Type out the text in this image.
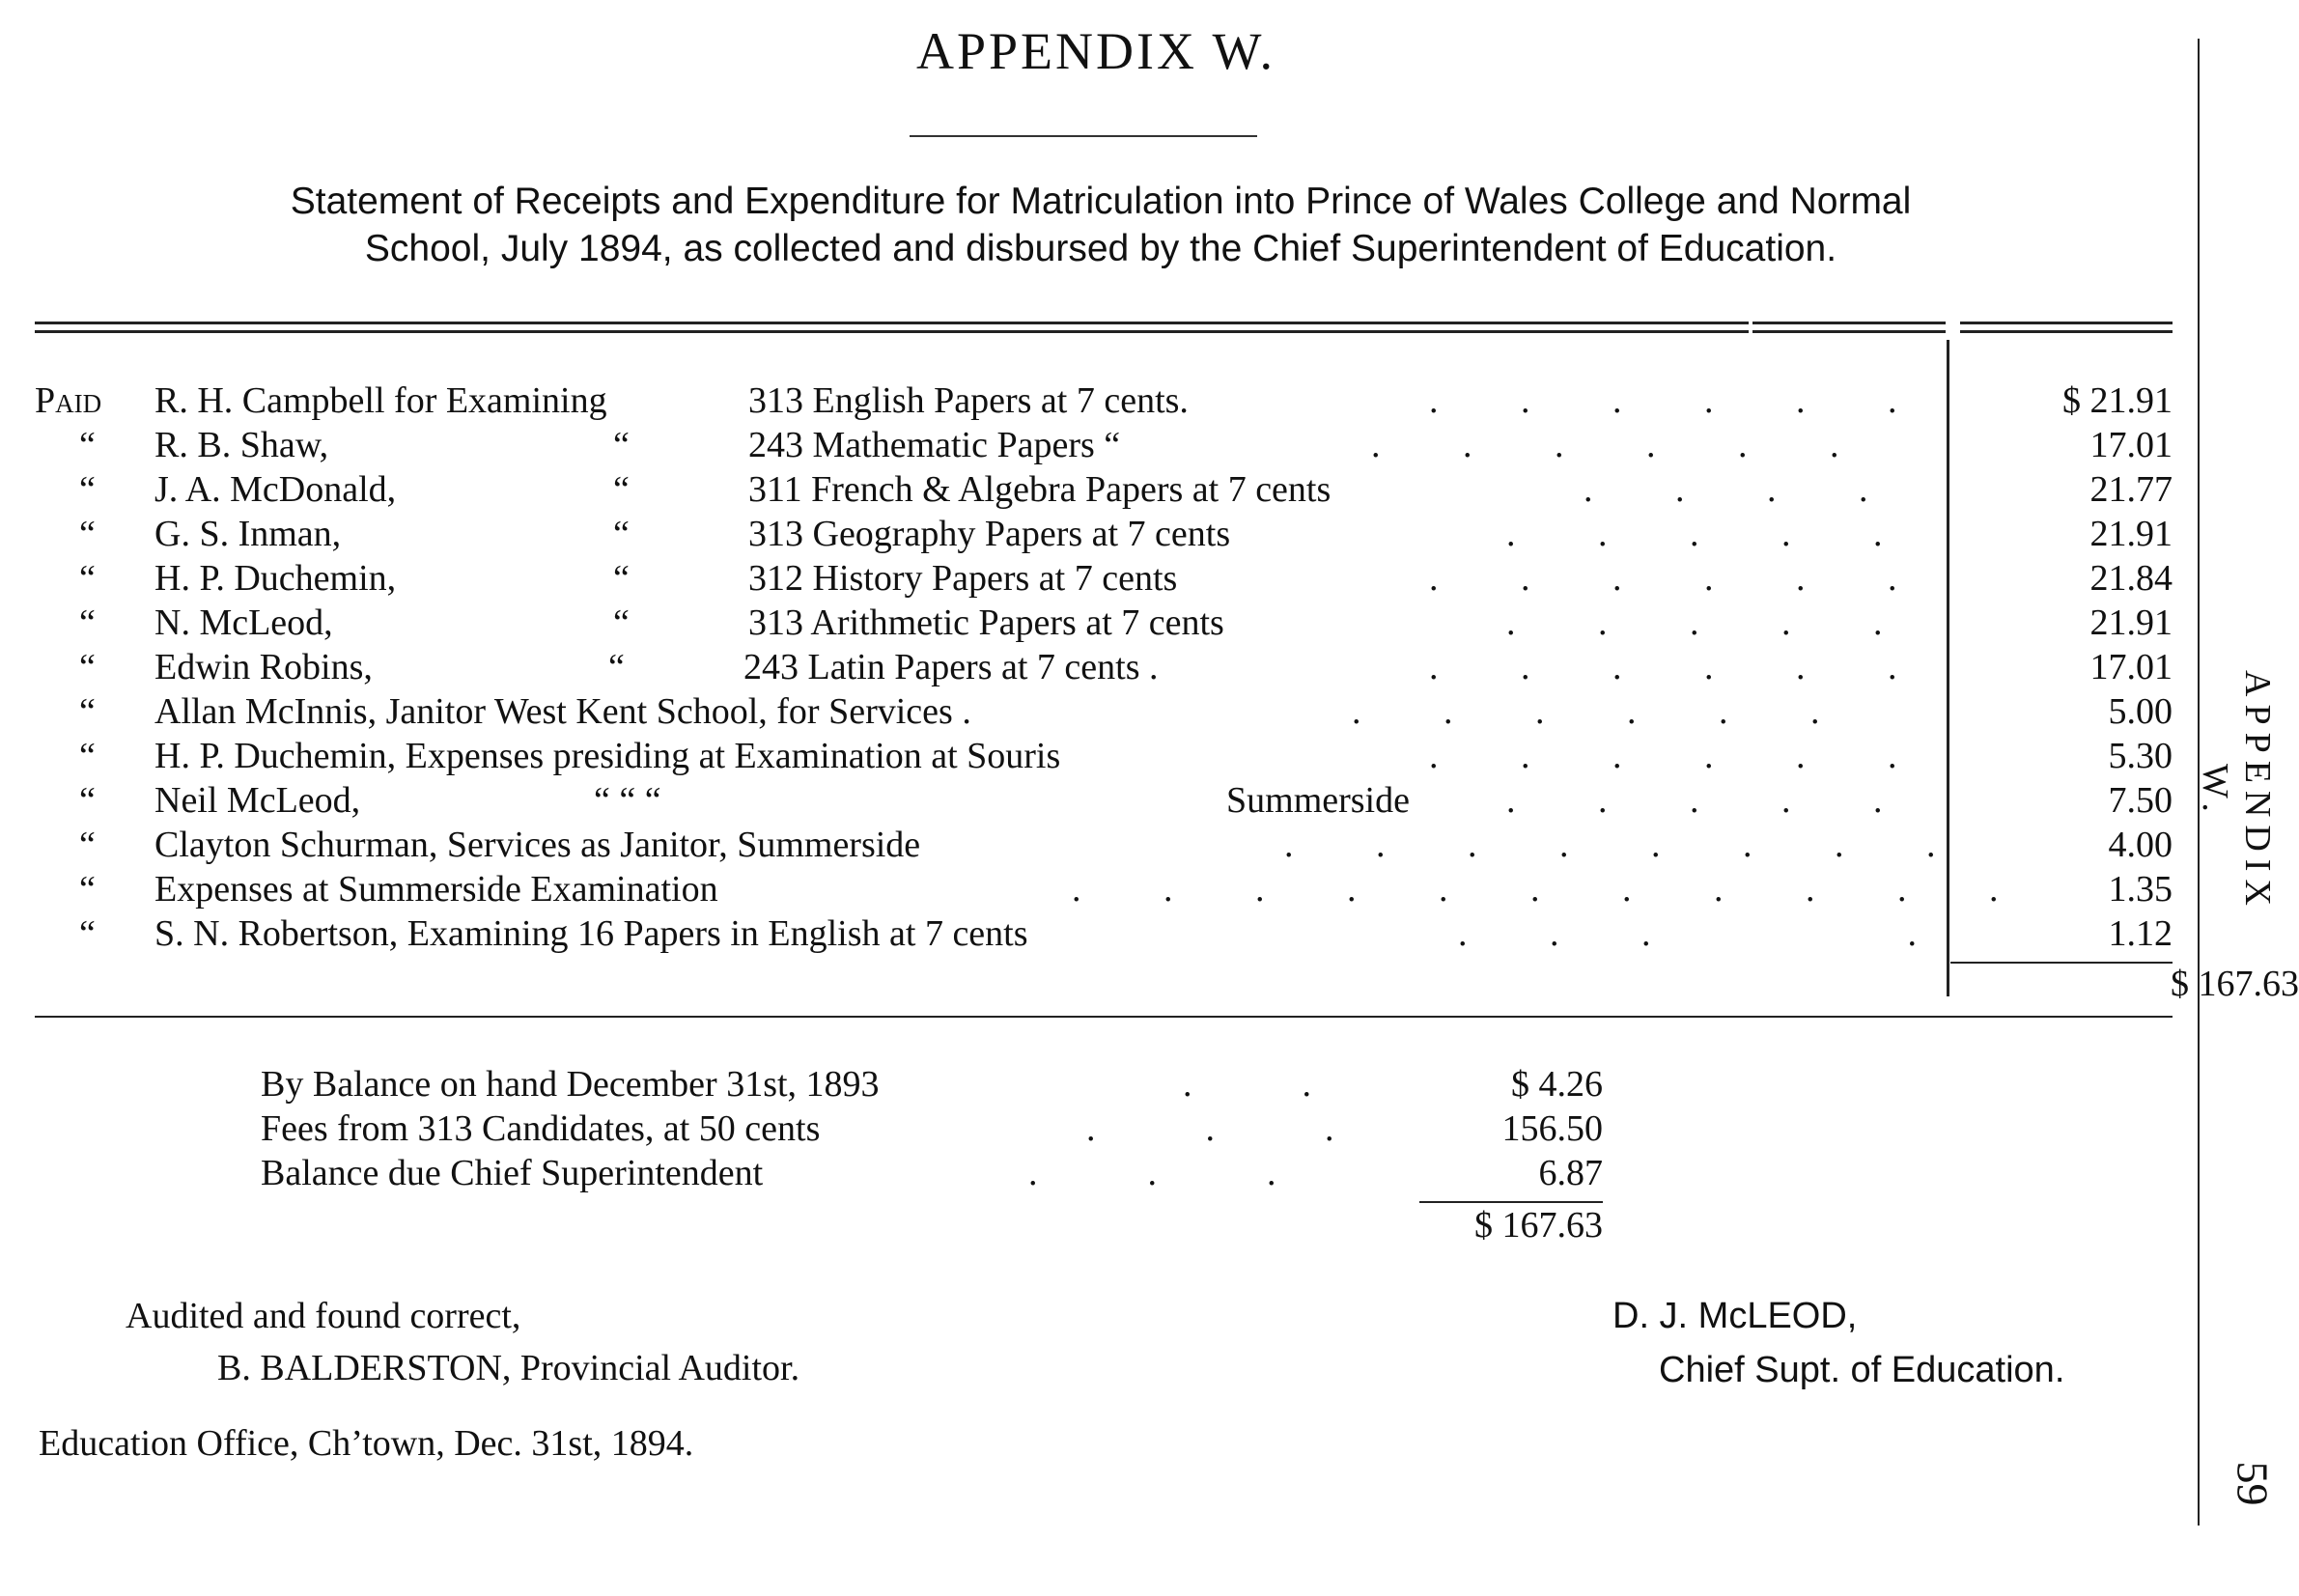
APPENDIX W.
Statement of Receipts and Expenditure for Matriculation into Prince of Wales College and Normal
School, July 1894, as collected and disbursed by the Chief Superintendent of Education.
Paid R. H. Campbell for Examining	313 English Papers at 7 cents.	.         .         .         .         .         .	$ 21.91
“ R. B. Shaw,	“	243 Mathematic Papers “	.         .         .         .         .         .	17.01
“ J. A. McDonald,	“	311 French & Algebra Papers at 7 cents	.         .         .         .	21.77
“ G. S. Inman,	“	313 Geography Papers at 7 cents	.         .         .         .         .	21.91
“ H. P. Duchemin,	“	312 History Papers at 7 cents	.         .         .         .         .         .	21.84
“ N. McLeod,	“	313 Arithmetic Papers at 7 cents	.         .         .         .         .	21.91
“ Edwin Robins,	“	243 Latin Papers at 7 cents .	.         .         .         .         .         .	17.01
“ Allan McInnis, Janitor West Kent School, for Services .	.         .         .         .         .         .	5.00
“ H. P. Duchemin, Expenses presiding at Examination at Souris	.         .         .         .         .         .	5.30
“ Neil McLeod,	“ “ “	Summerside	.         .         .         .         .	7.50
“ Clayton Schurman, Services as Janitor, Summerside	.         .         .         .         .         .         .         .	4.00
“ Expenses at Summerside Examination	.         .         .         .         .         .         .         .         .         .         .	1.35
“ S. N. Robertson, Examining 16 Papers in English at 7 cents	.         .         .                            .	1.12
$ 167.63
By Balance on hand December 31st, 1893	.            .	$ 4.26
Fees from 313 Candidates, at 50 cents	.            .            .	156.50
Balance due Chief Superintendent	.            .            .	6.87
$ 167.63
Audited and found correct,
B. BALDERSTON, Provincial Auditor.
Education Office, Ch’town, Dec. 31st, 1894.
D. J. McLEOD,
Chief Supt. of Education.
APPENDIX W.
59
